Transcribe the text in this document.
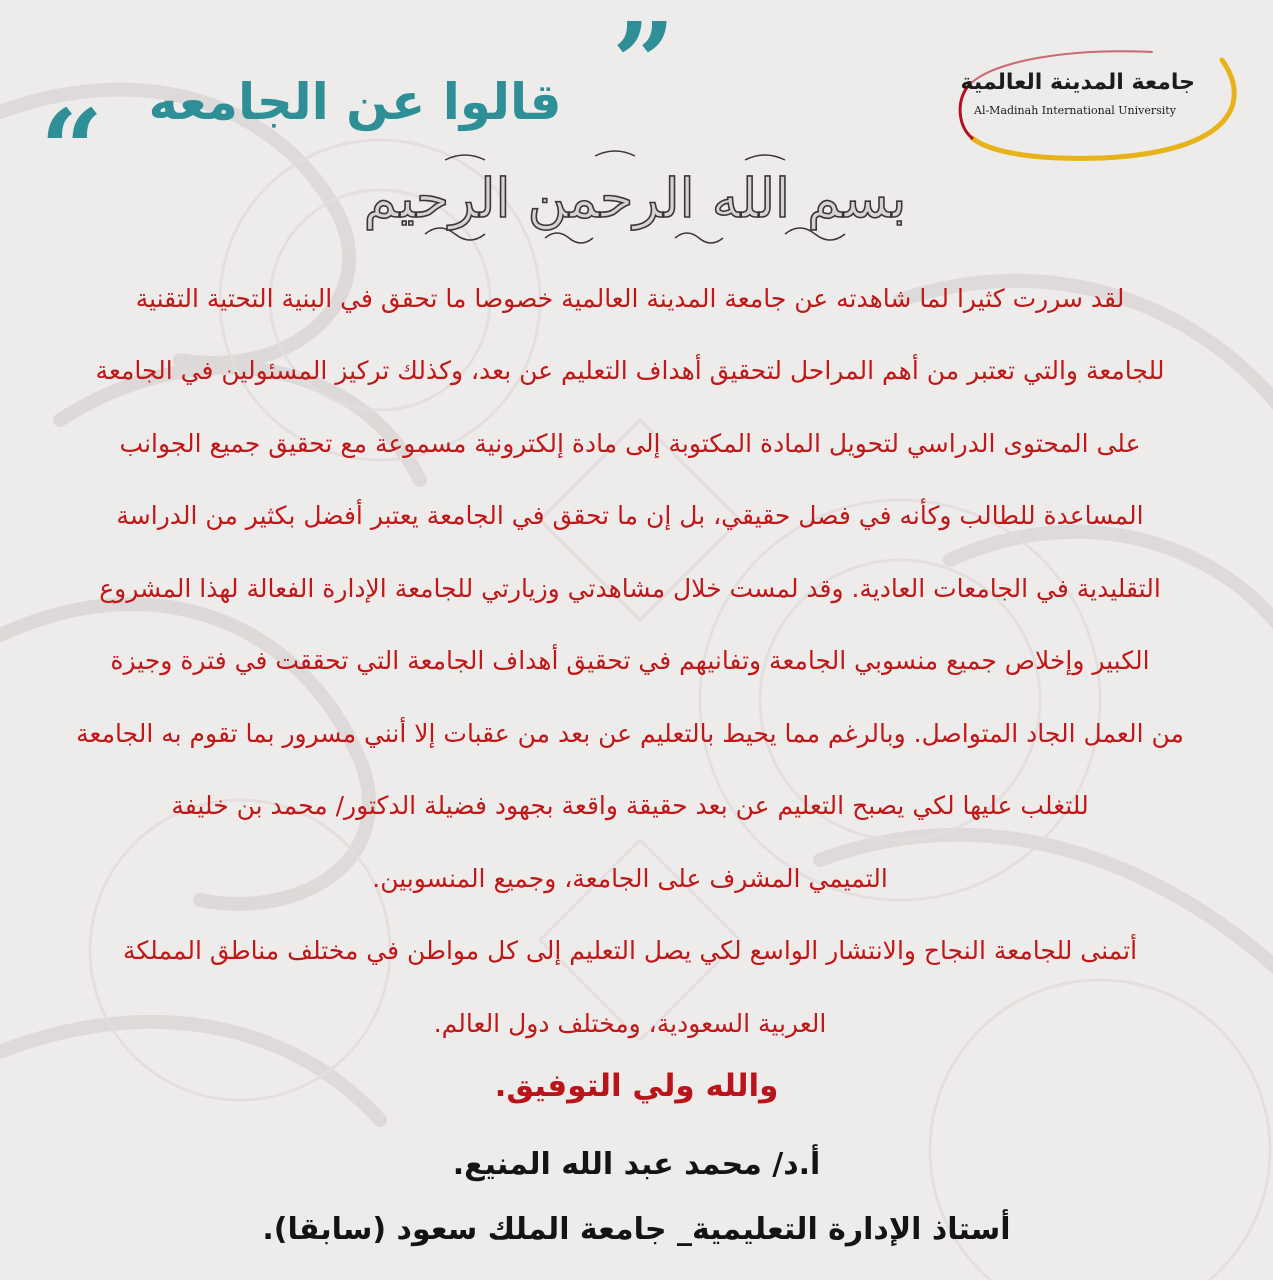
”
قالوا عن الجامعه
“
جامعة المدينة العالمية
Al-Madinah International University
بسم الله الرحمن الرحيم
لقد سررت كثيرا لما شاهدته عن جامعة المدينة العالمية خصوصا ما تحقق في البنية التحتية التقنية
للجامعة والتي تعتبر من أهم المراحل لتحقيق أهداف التعليم عن بعد، وكذلك تركيز المسئولين في الجامعة
على المحتوى الدراسي لتحويل المادة المكتوبة إلى مادة إلكترونية مسموعة مع تحقيق جميع الجوانب
المساعدة للطالب وكأنه في فصل حقيقي، بل إن ما تحقق في الجامعة يعتبر أفضل بكثير من الدراسة
التقليدية في الجامعات العادية. وقد لمست خلال مشاهدتي وزيارتي للجامعة الإدارة الفعالة لهذا المشروع
الكبير وإخلاص جميع منسوبي الجامعة وتفانيهم في تحقيق أهداف الجامعة التي تحققت في فترة وجيزة
من العمل الجاد المتواصل. وبالرغم مما يحيط بالتعليم عن بعد من عقبات إلا أنني مسرور بما تقوم به الجامعة
للتغلب عليها لكي يصبح التعليم عن بعد حقيقة واقعة بجهود فضيلة الدكتور/ محمد بن خليفة
التميمي المشرف على الجامعة، وجميع المنسوبين.
أتمنى للجامعة النجاح والانتشار الواسع لكي يصل التعليم إلى كل مواطن في مختلف مناطق المملكة
العربية السعودية، ومختلف دول العالم.
والله ولي التوفيق.
أ.د/ محمد عبد الله المنيع.
أستاذ الإدارة التعليمية_ جامعة الملك سعود (سابقا).
